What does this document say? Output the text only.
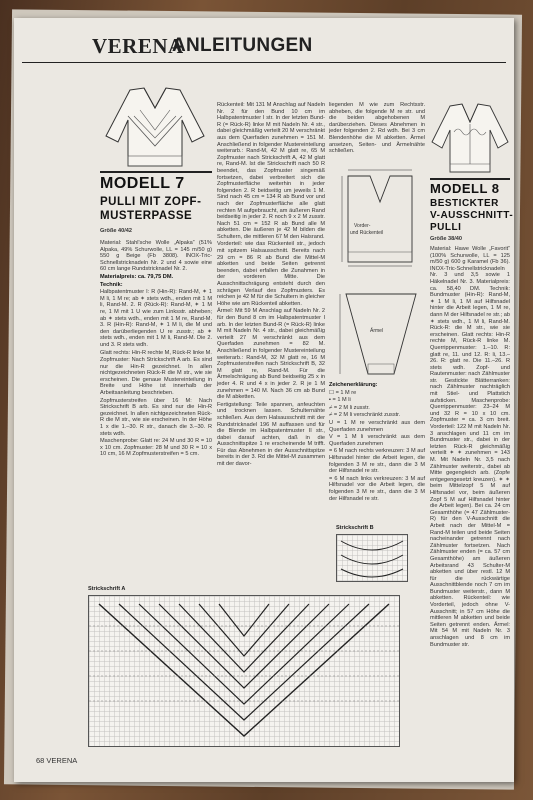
VERENA
ANLEITUNGEN
MODELL 7
PULLI MIT ZOPF-
MUSTERPASSE
Größe 40/42

Material: Stahl'sche Wolle „Alpaka“ (51% Alpaka, 49% Schurwolle, LL = 145 m/50 g) 550 g Beige (Fb 3808). INOX-Tric-Schnellstricknadeln Nr. 2 und 4 sowie eine 60 cm lange Rundstricknadel Nr. 2.

Materialpreis: ca. 79,75 DM.

Technik:

Halbpatentmuster I: R (Hin-R): Rand-M, ✶ 1 M li, 1 M re; ab ✶ stets wdh., enden mit 1 M li, Rand-M. 2. R (Rück-R): Rand-M, ✶ 1 M re, 1 M mit 1 U wie zum Linksstr. abheben; ab ✶ stets wdh., enden mit 1 M re, Rand-M. 3. R (Hin-R): Rand-M, ✶ 1 M li, die M und den darüberliegenden U re zusstr.; ab ✶ stets wdh., enden mit 1 M li, Rand-M. Die 2. und 3. R stets wdh.

Glatt rechts: Hin-R rechte M, Rück-R linke M.

Zopfmuster: Nach Strickschrift A arb. Es sind nur die Hin-R gezeichnet. In allen nichtgezeichneten Rück-R die M str., wie sie erscheinen. Die genaue Musterеinteilung in Breite und Höhe ist innerhalb der Arbeitsanleitung beschrieben.

Zopfmusterstreifen über 16 M: Nach Strickschrift B arb. Es sind nur die Hin-R gezeichnet. In allen nichtgezeichneten Rück-R die M str., wie sie erscheinen. In der Höhe 1 x die 1.–30. R str., danach die 3.–30. R stets wdh.

Maschenprobe: Glatt re: 24 M und 30 R = 10 x 10 cm. Zopfmuster: 28 M und 30 R = 10 x 10 cm, 16 M Zopfmusterstreifen = 5 cm.

Rückenteil: Mit 131 M Anschlag auf Nadeln Nr. 2 für den Bund 10 cm im Halbpatentmuster I str. In der letzten Bund-R (= Rück-R) linke M mit Nadeln Nr. 4 str., dabei gleichmäßig verteilt 20 M verschränkt aus dem Querfaden zunehmen = 151 M. Anschließend in folgender Mustereinteilung weiterarb.: Rand-M, 42 M glatt re, 65 M Zopfmuster nach Strickschrift A, 42 M glatt re, Rand-M. Ist die Strickschrift nach 50 R beendet, das Zopfmuster singemäß fortsetzen, dabei verbreitert sich die Zopfmusterfläche weiterhin in jeder folgenden 2. R beidseitig um jeweils 1 M. Sind nach 45 cm = 134 R ab Bund vor und nach der Zopfmusterfläche alle glatt rechten M aufgebraucht, am äußeren Rand beidseitig in jeder 2. R noch 9 x 2 M zusstr. Nach 51 cm = 152 R ab Bund alle M abketten. Die äußeren je 42 M bilden die Schultern, die mittleren 67 M den Halsrand.

Vorderteil: wie das Rückenteil str., jedoch mit spitzem Halsausschnitt. Bereits nach 29 cm = 86 R ab Bund die Mittel-M abketten und beide Seiten getrennt beenden, dabei erfallen die Zunahmen in der vorderen Mitte. Die Ausschnittschrägung entsteht durch den schrägen Verlauf des Zopfmusters. Es reichen je 42 M für die Schultern in gleicher Höhe wie am Rückenteil abketten.

Ärmel: Mit 59 M Anschlag auf Nadeln Nr. 2 für den Bund 8 cm im Halbpatentmuster I arb. In der letzten Bund-R (= Rück-R) linke M mit Nadeln Nr. 4 str., dabei gleichmäßig verteilt 27 M verschränkt aus dem Querfaden zunehmen = 82 M. Anschließend in folgender Mustereinteilung weiterarb.: Rand-M, 32 M glatt re, 16 M Zopfmusterstreifen nach Strickschrift B, 32 M glatt re, Rand-M. Für die Ärmelschrägung ab Bund beidseitig 25 x in jeder 4. R und 4 x in jeder 2. R je 1 M zunehmen = 140 M. Nach 36 cm ab Bund die M abketten.

Fertigstellung: Teile spannen, anfeuchten und trocknen lassen. Schulternähte schließen. Aus dem Halsausschnitt mit der Rundstricknadel 196 M auffassen und für die Blende im Halbpatentmuster II str., dabei darauf achten, daß in die Ausschnittspitze 1 re erscheinende M trifft. Für das Abnehmen in der Ausschnittspitze bereits in der 3. Rd die Mittel-M zusammen mit der davor-

liegenden M wie zum Rechtsstr. abheben, die folgende M re str. und die beiden abgehobenen M darüberziehen. Dieses Abnehmen in jeder folgenden 2. Rd wdh. Bei 3 cm Blendenhöhe die M abketten. Ärmel ansetzen, Seiten- und Ärmelnähte schließen.
Vorder-
und Rückenteil
Ärmel

Zeichenerklärung:

☐ = 1 M re

▪ = 1 M li

⌿ = 2 M li zusstr.

⌿ = 2 M li verschränkt zusstr.

U = 1 M re verschränkt aus dem Querfaden zunehmen

V = 1 M li verschränkt aus dem Querfaden zunehmen

= 6 M nach rechts verkreuzen: 3 M auf Hilfsnadel hinter die Arbeit legen, die folgenden 3 M re str., dann die 3 M der Hilfsnadel re str.

= 6 M nach links verkreuzen: 3 M auf Hilfsnadel vor die Arbeit legen, die folgenden 3 M re str., dann die 3 M der Hilfsnadel re str.

Strickschrift B
Strickschrift A
MODELL 8
BESTICKTER
V-AUSSCHNITT-
PULLI
Größe 38/40
Material: Hawe Wolle „Favorit“ (100% Schurwolle, LL = 125 m/50 g) 600 g Karamel (Fb 36). INOX-Tric-Schnellstricknadeln Nr. 3 und 3,5 sowie 1 Häkelnadel Nr. 3. Materialpreis: ca. 58,40 DM. Technik: Bundmuster (Hin-R): Rand-M, ✶ 1 M li, 1 M auf Hilfsnadel hinter die Arbeit legen, 1 M re, dann M der Hilfsnadel re str.; ab ✶ stets wdh., 1 M li, Rand-M. Rück-R: die M str., wie sie erscheinen. Glatt rechts: Hin-R rechte M, Rück-R linke M. Querrippenmuster: 1.–10. R: glatt re, 11. und 12. R: li, 13.–26. R: glatt re. Die 11.–26. R stets wdh. Zopf- und Rautenmuster: nach Zählmuster str. Gestickte Blätterranken: nach Zählmuster nachträglich mit Stiel- und Plattstich aufsticken. Maschenprobe: Querrippenmuster: 23–24 M und 32 R = 10 x 10 cm. Zopfmuster = ca. 3 cm breit. Vorderteil: 122 M mit Nadeln Nr. 3 anschlagen und 11 cm im Bundmuster str., dabei in der letzten Rück-R gleichmäßig verteilt ✶ ✶ zunehmen = 143 M. Mit Nadeln Nr. 3,5 nach Zählmuster weiterstr., dabei ab Mitte gegengleich arb. (Zopfe entgegengesetzt kreuzen). ✶ ✶ beim Mittelzopf 5 M auf Hilfsnadel vor, beim äußeren Zopf 5 M auf Hilfsnadel hinter die Arbeit legen). Bei ca. 24 cm Gesamthöhe (= 47 Zählmuster-R) für den V-Ausschnitt die Arbeit nach der Mittel-M = Rand-M teilen und beide Seiten nacheinander getrennt nach Zählmuster fortsetzen. Nach Zählmuster enden (= ca. 57 cm Gesamthöhe) am äußeren Arbeitsrand 43 Schulter-M abketten und über restl. 12 M für die rückwärtige Ausschnittblende noch 7 cm im Bundmuster weiterstr., dann M abketten. Rückenteil: wie Vorderteil, jedoch ohne V-Ausschnitt; in 57 cm Höhe die mittleren M abketten und beide Seiten getrennt enden. Ärmel: Mit 54 M mit Nadeln Nr. 3 anschlagen und 8 cm im Bundmuster str.
68 VERENA
